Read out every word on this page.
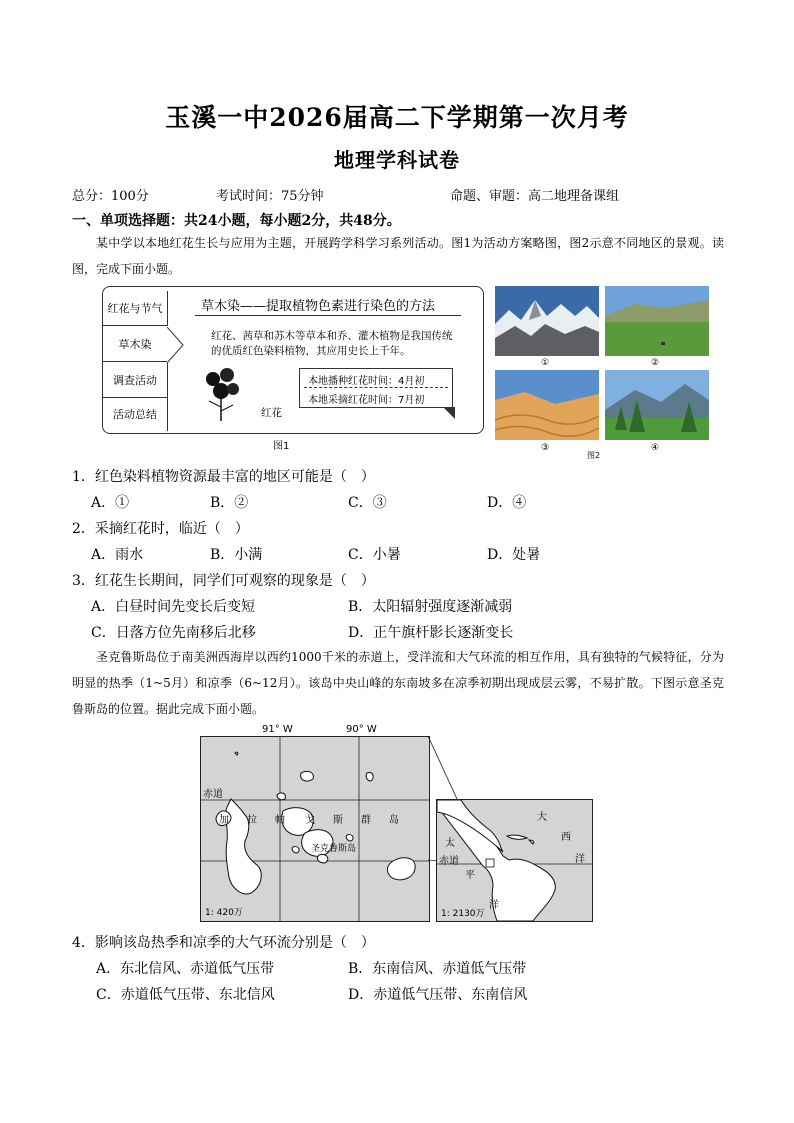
玉溪一中2026届高二下学期第一次月考
地理学科试卷
总分：100分	考试时间：75分钟	命题、审题：高二地理备课组
一、单项选择题：共24小题，每小题2分，共48分。
某中学以本地红花生长与应用为主题，开展跨学科学习系列活动。图1为活动方案略图，图2示意不同地区的景观。读图，完成下面小题。
红花与节气
草木染
调查活动
活动总结
草木染——提取植物色素进行染色的方法
红花、茜草和苏木等草本和乔、灌木植物是我国传统的优质红色染料植物，其应用史长上千年。
红花
本地播种红花时间：4月初
本地采摘红花时间：7月初
图1
①	②
③	④
图2
1．红色染料植物资源最丰富的地区可能是（　）
A．①	B．②	C．③	D．④
2．采摘红花时，临近（　）
A．雨水	B．小满	C．小暑	D．处暑
3．红花生长期间，同学们可观察的现象是（　）
A．白昼时间先变长后变短	B．太阳辐射强度逐渐减弱
C．日落方位先南移后北移	D．正午旗杆影长逐渐变长
圣克鲁斯岛位于南美洲西海岸以西约1000千米的赤道上，受洋流和大气环流的相互作用，具有独特的气候特征，分为明显的热季（1~5月）和凉季（6~12月）。该岛中央山峰的东南坡多在凉季初期出现成层云雾，不易扩散。下图示意圣克鲁斯岛的位置。据此完成下面小题。
91° W	90° W
赤道
加 拉 帕 戈 斯 群 岛
圣克鲁斯岛
1: 420万
大
西
洋
太
平
洋
赤道
1: 2130万
4．影响该岛热季和凉季的大气环流分别是（　）
A．东北信风、赤道低气压带	B．东南信风、赤道低气压带
C．赤道低气压带、东北信风	D．赤道低气压带、东南信风
